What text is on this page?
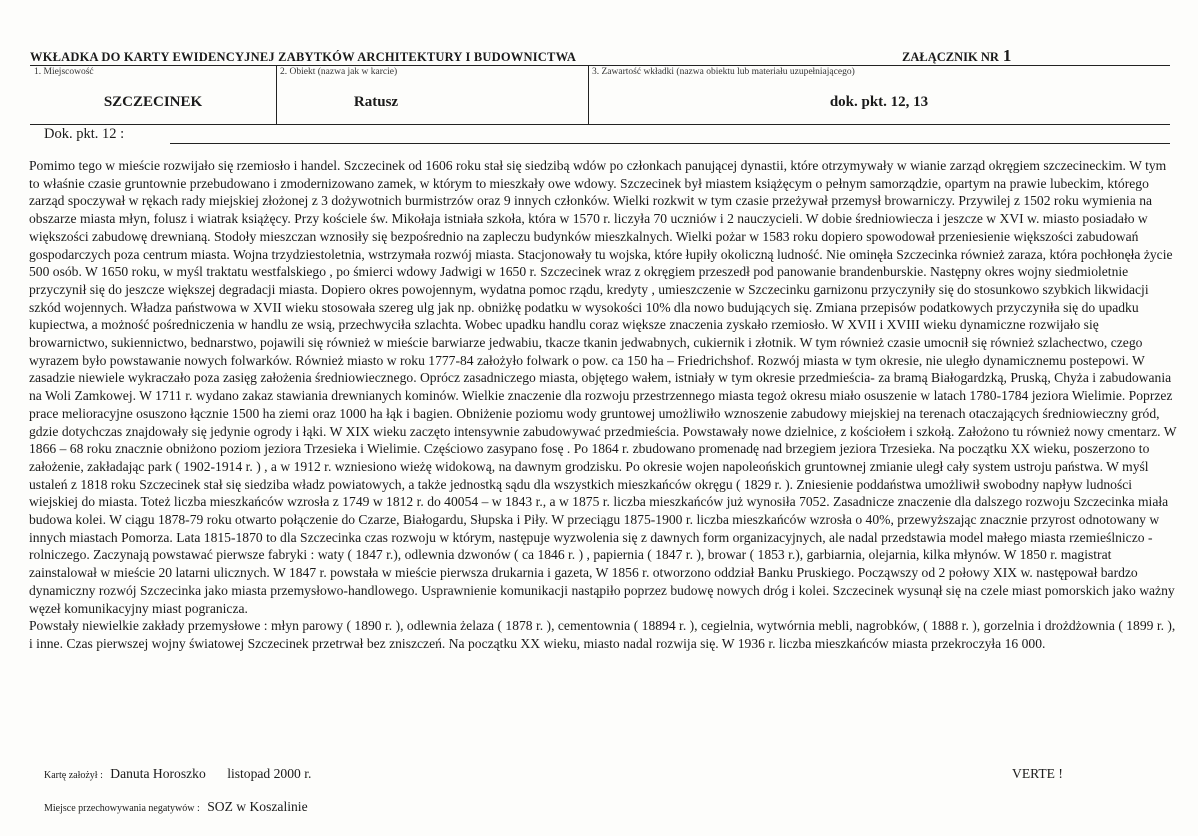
WKŁADKA DO KARTY EWIDENCYJNEJ ZABYTKÓW ARCHITEKTURY I BUDOWNICTWA	ZAŁĄCZNIK NR 1
1. Miejscowość
SZCZECINEK
2. Obiekt (nazwa jak w karcie)
Ratusz
3. Zawartość wkładki (nazwa obiektu lub materiału uzupełniającego)
dok. pkt. 12, 13
Dok. pkt. 12 :

Pomimo tego w mieście rozwijało się rzemiosło i handel. Szczecinek od 1606 roku stał się siedzibą wdów po członkach panującej dynastii, które otrzymywały w wianie zarząd okręgiem szczecineckim. W tym to właśnie czasie gruntownie przebudowano i zmodernizowano zamek, w którym to mieszkały owe wdowy. Szczecinek był miastem książęcym o pełnym samorządzie, opartym na prawie lubeckim, którego zarząd spoczywał w rękach rady miejskiej złożonej z 3 dożywotnich burmistrzów oraz 9 innych członków. Wielki rozkwit w tym czasie przeżywał przemysł browarniczy. Przywilej z 1502 roku wymienia na obszarze miasta młyn, folusz i wiatrak książęcy. Przy kościele św. Mikołaja istniała szkoła, która w 1570 r. liczyła 70 uczniów i 2 nauczycieli. W dobie średniowiecza i jeszcze w XVI w. miasto posiadało w większości zabudowę drewnianą. Stodoły mieszczan wznosiły się bezpośrednio na zapleczu budynków mieszkalnych. Wielki pożar w 1583 roku dopiero spowodował przeniesienie większości zabudowań gospodarczych poza centrum miasta. Wojna trzydziestoletnia, wstrzymała rozwój miasta. Stacjonowały tu wojska, które łupiły okoliczną ludność. Nie ominęła Szczecinka również zaraza, która pochłonęła życie 500 osób. W 1650 roku, w myśl traktatu westfalskiego , po śmierci wdowy Jadwigi w 1650 r. Szczecinek wraz z okręgiem przeszedł pod panowanie brandenburskie. Następny okres wojny siedmioletnie przyczynił się do jeszcze większej degradacji miasta. Dopiero okres powojennym, wydatna pomoc rządu, kredyty , umieszczenie w Szczecinku garnizonu przyczyniły się do stosunkowo szybkich likwidacji szkód wojennych. Władza państwowa w XVII wieku stosowała szereg ulg jak np. obniżkę podatku w wysokości 10% dla nowo budujących się. Zmiana przepisów podatkowych przyczyniła się do upadku kupiectwa, a możność pośredniczenia w handlu ze wsią, przechwyciła szlachta. Wobec upadku handlu coraz większe znaczenia zyskało rzemiosło. W XVII i XVIII wieku dynamiczne rozwijało się browarnictwo, sukiennictwo, bednarstwo, pojawili się również w mieście barwiarze jedwabiu, tkacze tkanin jedwabnych, cukiernik i złotnik. W tym również czasie umocnił się również szlachectwo, czego wyrazem było powstawanie nowych folwarków. Również miasto w roku 1777-84 założyło folwark o pow. ca 150 ha – Friedrichshof. Rozwój miasta w tym okresie, nie uległo dynamicznemu postepowi. W zasadzie niewiele wykraczało poza zasięg założenia średniowiecznego. Oprócz zasadniczego miasta, objętego wałem, istniały w tym okresie przedmieścia- za bramą Białogardzką, Pruską, Chyża i zabudowania na Woli Zamkowej. W 1711 r. wydano zakaz stawiania drewnianych kominów. Wielkie znaczenie dla rozwoju przestrzennego miasta tegoż okresu miało osuszenie w latach 1780-1784 jeziora Wielimie. Poprzez prace melioracyjne osuszono łącznie 1500 ha ziemi oraz 1000 ha łąk i bagien. Obniżenie poziomu wody gruntowej umożliwiło wznoszenie zabudowy miejskiej na terenach otaczających średniowieczny gród, gdzie dotychczas znajdowały się jedynie ogrody i łąki. W XIX wieku zaczęto intensywnie zabudowywać przedmieścia. Powstawały nowe dzielnice, z kościołem i szkołą. Założono tu również nowy cmentarz. W 1866 – 68 roku znacznie obniżono poziom jeziora Trzesieka i Wielimie. Częściowo zasypano fosę . Po 1864 r. zbudowano promenadę nad brzegiem jeziora Trzesieka. Na początku XX wieku, poszerzono to założenie, zakładając park ( 1902-1914 r. ) , a w 1912 r. wzniesiono wieżę widokową, na dawnym grodzisku. Po okresie wojen napoleońskich gruntownej zmianie uległ cały system ustroju państwa. W myśl ustaleń z 1818 roku Szczecinek stał się siedziba władz powiatowych, a także jednostką sądu dla wszystkich mieszkańców okręgu ( 1829 r. ). Zniesienie poddaństwa umożliwił swobodny napływ ludności wiejskiej do miasta. Toteż liczba mieszkańców wzrosła z 1749 w 1812 r. do 40054 – w 1843 r., a w 1875 r. liczba mieszkańców już wynosiła 7052. Zasadnicze znaczenie dla dalszego rozwoju Szczecinka miała budowa kolei. W ciągu 1878-79 roku otwarto połączenie do Czarze, Białogardu, Słupska i Piły. W przeciągu 1875-1900 r. liczba mieszkańców wzrosła o 40%, przewyższając znacznie przyrost odnotowany w innych miastach Pomorza. Lata 1815-1870 to dla Szczecinka czas rozwoju w którym, następuje wyzwolenia się z dawnych form organizacyjnych, ale nadal przedstawia model małego miasta rzemieślniczo - rolniczego. Zaczynają powstawać pierwsze fabryki : waty ( 1847 r.), odlewnia dzwonów ( ca 1846 r. ) , papiernia ( 1847 r. ), browar ( 1853 r.), garbiarnia, olejarnia, kilka młynów. W 1850 r. magistrat zainstalował w mieście 20 latarni ulicznych. W 1847 r. powstała w mieście pierwsza drukarnia i gazeta, W 1856 r. otworzono oddział Banku Pruskiego. Począwszy od 2 połowy XIX w. następował bardzo dynamiczny rozwój Szczecinka jako miasta przemysłowo-handlowego. Usprawnienie komunikacji nastąpiło poprzez budowę nowych dróg i kolei. Szczecinek wysunął się na czele miast pomorskich jako ważny węzeł komunikacyjny miast pogranicza.

Powstały niewielkie zakłady przemysłowe : młyn parowy ( 1890 r. ), odlewnia żelaza ( 1878 r. ), cementownia ( 18894 r. ), cegielnia, wytwórnia mebli, nagrobków, ( 1888 r. ), gorzelnia i drożdżownia ( 1899 r. ), i inne. Czas pierwszej wojny światowej Szczecinek przetrwał bez zniszczeń. Na początku XX wieku, miasto nadal rozwija się. W 1936 r. liczba mieszkańców miasta przekroczyła 16 000.

Kartę założył : Danuta Horoszko listopad 2000 r.	VERTE !
Miejsce przechowywania negatywów : SOZ w Koszalinie
